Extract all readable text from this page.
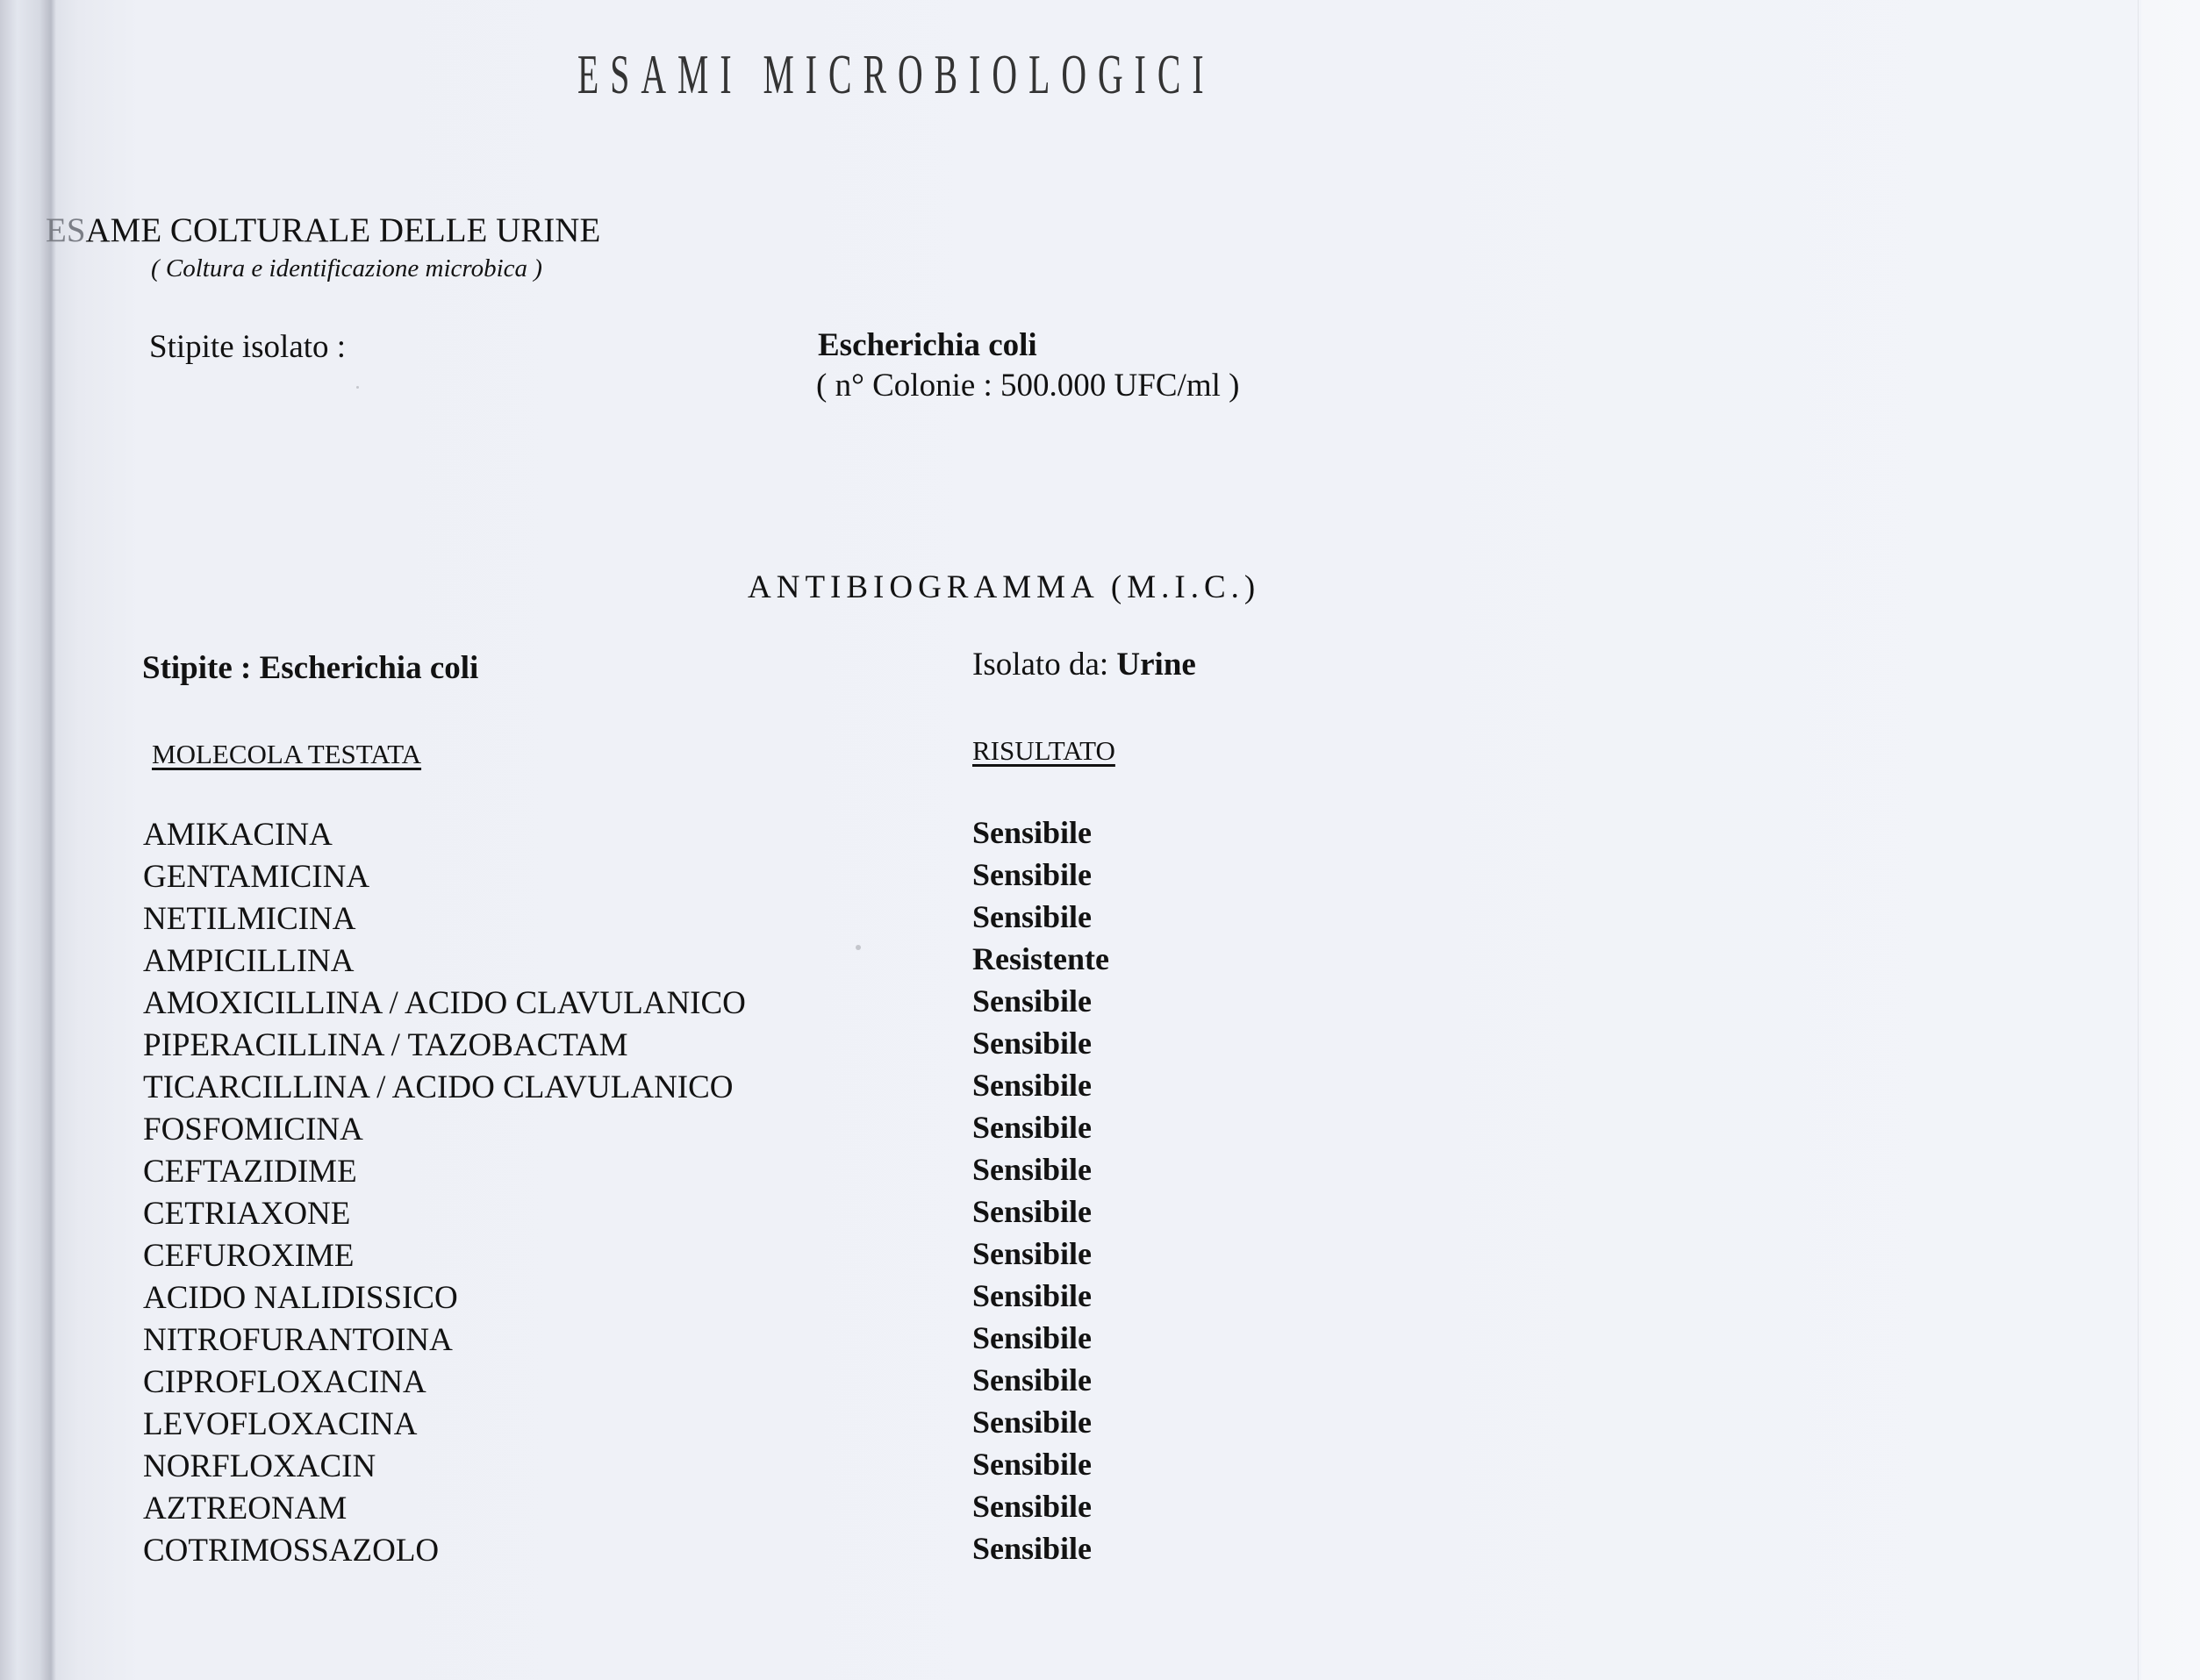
ESAMI MICROBIOLOGICI
ESAME COLTURALE DELLE URINE
( Coltura e identificazione microbica )
Stipite isolato :	Escherichia coli
( n° Colonie : 500.000 UFC/ml )
ANTIBIOGRAMMA (M.I.C.)
Stipite : Escherichia coli	Isolato da: Urine
MOLECOLA TESTATA	RISULTATO
AMIKACINA	Sensibile
GENTAMICINA	Sensibile
NETILMICINA	Sensibile
AMPICILLINA	Resistente
AMOXICILLINA / ACIDO CLAVULANICO	Sensibile
PIPERACILLINA / TAZOBACTAM	Sensibile
TICARCILLINA / ACIDO CLAVULANICO	Sensibile
FOSFOMICINA	Sensibile
CEFTAZIDIME	Sensibile
CETRIAXONE	Sensibile
CEFUROXIME	Sensibile
ACIDO NALIDISSICO	Sensibile
NITROFURANTOINA	Sensibile
CIPROFLOXACINA	Sensibile
LEVOFLOXACINA	Sensibile
NORFLOXACIN	Sensibile
AZTREONAM	Sensibile
COTRIMOSSAZOLO	Sensibile
